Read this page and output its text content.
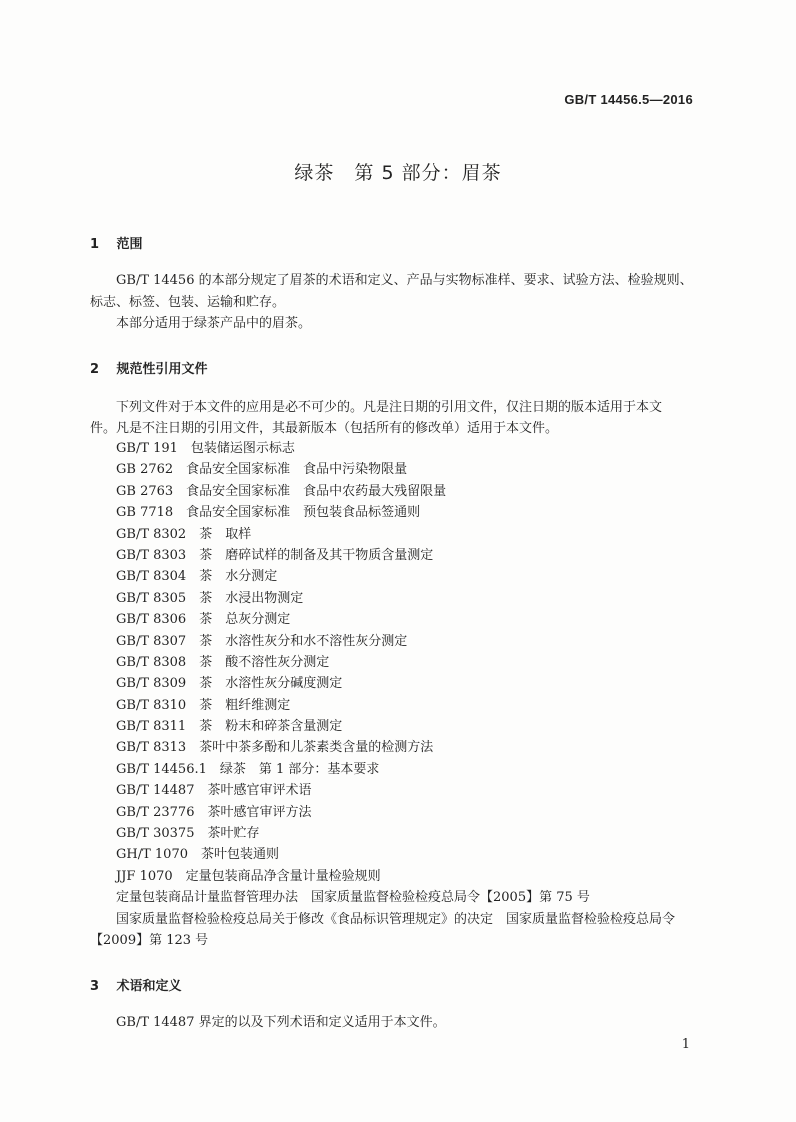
GB/T 14456.5—2016
绿茶　第 5 部分：眉茶
1 范围
GB/T 14456 的本部分规定了眉茶的术语和定义、产品与实物标准样、要求、试验方法、检验规则、
标志、标签、包装、运输和贮存。
本部分适用于绿茶产品中的眉茶。
2 规范性引用文件
下列文件对于本文件的应用是必不可少的。凡是注日期的引用文件，仅注日期的版本适用于本文
件。凡是不注日期的引用文件，其最新版本（包括所有的修改单）适用于本文件。
GB/T 191　包装储运图示标志
GB 2762　食品安全国家标准　食品中污染物限量
GB 2763　食品安全国家标准　食品中农药最大残留限量
GB 7718　食品安全国家标准　预包装食品标签通则
GB/T 8302　茶　取样
GB/T 8303　茶　磨碎试样的制备及其干物质含量测定
GB/T 8304　茶　水分测定
GB/T 8305　茶　水浸出物测定
GB/T 8306　茶　总灰分测定
GB/T 8307　茶　水溶性灰分和水不溶性灰分测定
GB/T 8308　茶　酸不溶性灰分测定
GB/T 8309　茶　水溶性灰分碱度测定
GB/T 8310　茶　粗纤维测定
GB/T 8311　茶　粉末和碎茶含量测定
GB/T 8313　茶叶中茶多酚和儿茶素类含量的检测方法
GB/T 14456.1　绿茶　第 1 部分：基本要求
GB/T 14487　茶叶感官审评术语
GB/T 23776　茶叶感官审评方法
GB/T 30375　茶叶贮存
GH/T 1070　茶叶包装通则
JJF 1070　定量包装商品净含量计量检验规则
定量包装商品计量监督管理办法　国家质量监督检验检疫总局令【2005】第 75 号
国家质量监督检验检疫总局关于修改《食品标识管理规定》的决定　国家质量监督检验检疫总局令
【2009】第 123 号
3 术语和定义
GB/T 14487 界定的以及下列术语和定义适用于本文件。
1
